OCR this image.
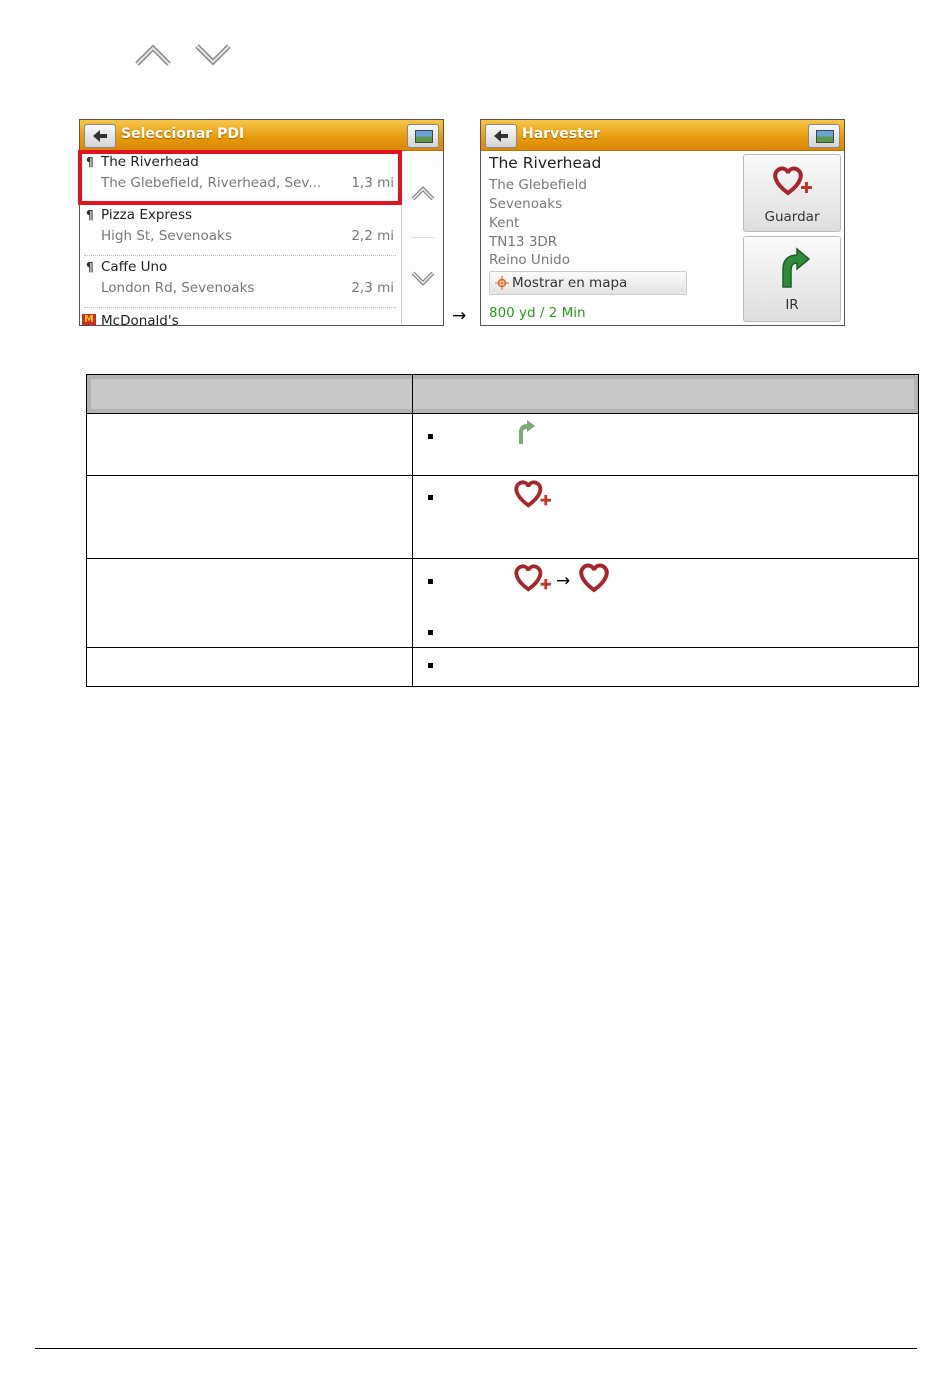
Seleccionar PDI
¶ The Riverhead
The Glebefield, Riverhead, Sev... 1,3 mi
¶ Pizza Express
High St, Sevenoaks	2,2 mi
¶ Caffe Uno
London Rd, Sevenoaks	2,3 mi
M McDonald's	→
Harvester
The Riverhead
The Glebefield
Sevenoaks
Kent
TN13 3DR
Reino Unido
Mostrar en mapa
800 yd / 2 Min
Guardar
IR
→
